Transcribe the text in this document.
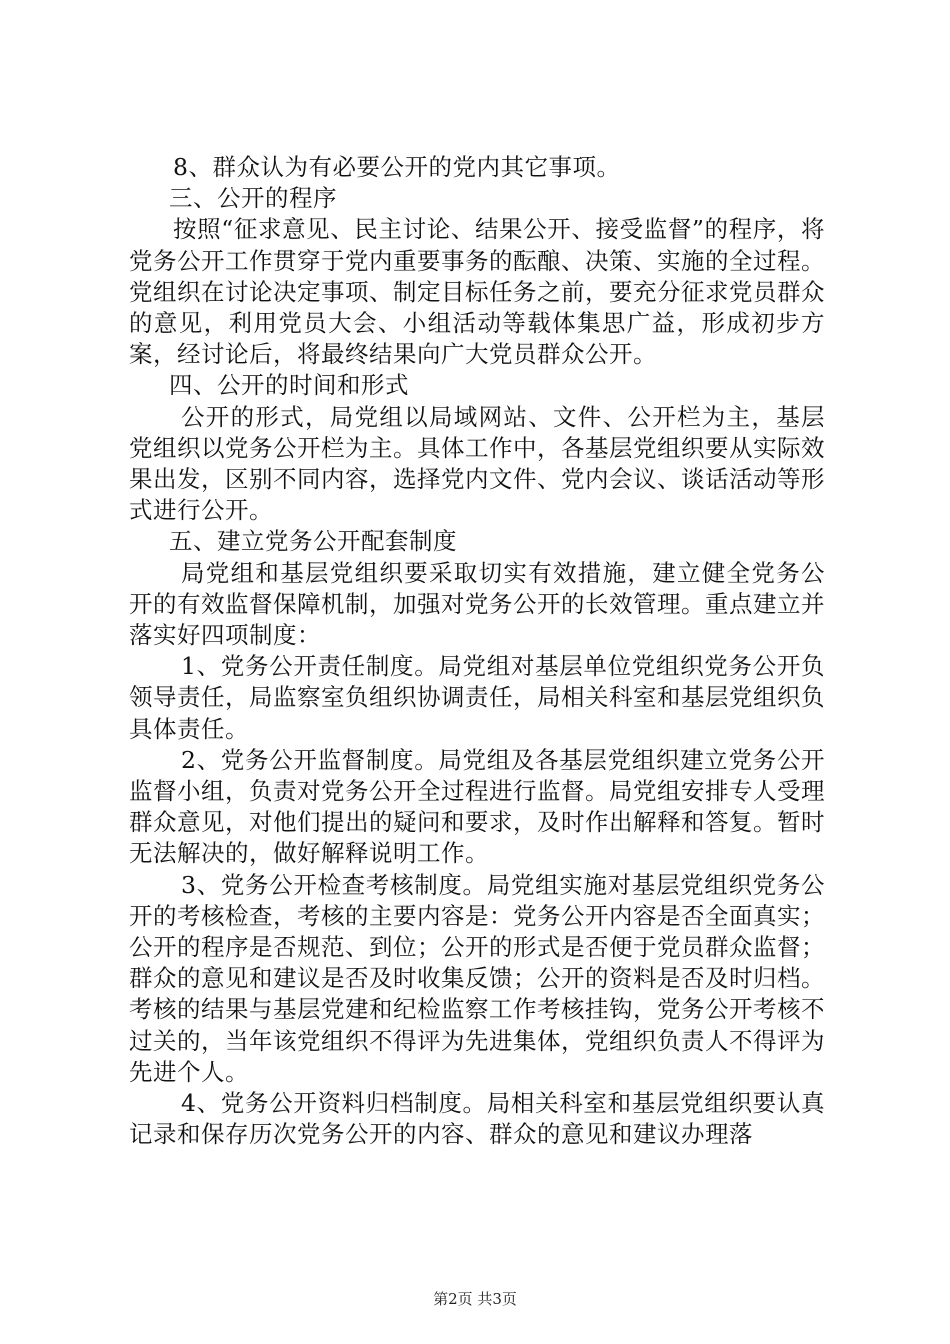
8、群众认为有必要公开的党内其它事项。

三、公开的程序

按照“征求意见、民主讨论、结果公开、接受监督”的程序，将党务公开工作贯穿于党内重要事务的酝酿、决策、实施的全过程。党组织在讨论决定事项、制定目标任务之前，要充分征求党员群众的意见，利用党员大会、小组活动等载体集思广益，形成初步方案，经讨论后，将最终结果向广大党员群众公开。

四、公开的时间和形式

公开的形式，局党组以局域网站、文件、公开栏为主，基层党组织以党务公开栏为主。具体工作中，各基层党组织要从实际效果出发，区别不同内容，选择党内文件、党内会议、谈话活动等形式进行公开。

五、建立党务公开配套制度

局党组和基层党组织要采取切实有效措施，建立健全党务公开的有效监督保障机制，加强对党务公开的长效管理。重点建立并落实好四项制度：

1、党务公开责任制度。局党组对基层单位党组织党务公开负领导责任，局监察室负组织协调责任，局相关科室和基层党组织负具体责任。

2、党务公开监督制度。局党组及各基层党组织建立党务公开监督小组，负责对党务公开全过程进行监督。局党组安排专人受理群众意见，对他们提出的疑问和要求，及时作出解释和答复。暂时无法解决的，做好解释说明工作。

3、党务公开检查考核制度。局党组实施对基层党组织党务公开的考核检查，考核的主要内容是：党务公开内容是否全面真实；公开的程序是否规范、到位；公开的形式是否便于党员群众监督；群众的意见和建议是否及时收集反馈；公开的资料是否及时归档。考核的结果与基层党建和纪检监察工作考核挂钩，党务公开考核不过关的，当年该党组织不得评为先进集体，党组织负责人不得评为先进个人。

4、党务公开资料归档制度。局相关科室和基层党组织要认真记录和保存历次党务公开的内容、群众的意见和建议办理落

第2页 共3页
